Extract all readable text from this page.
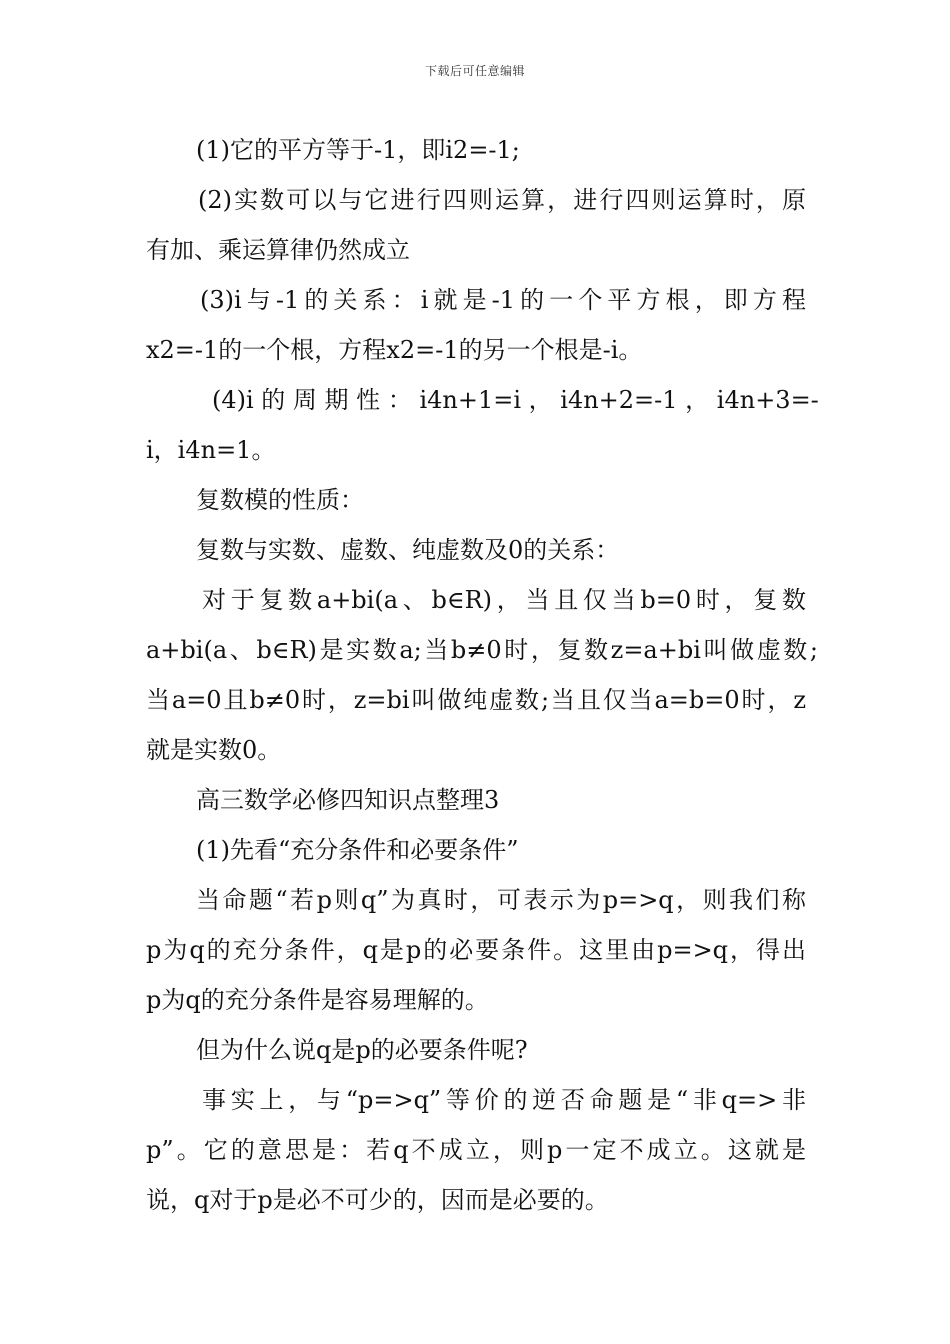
下载后可任意编辑
(1)它的平方等于-1，即i2=-1;
(2)实数可以与它进行四则运算，进行四则运算时，原
有加、乘运算律仍然成立
(3)i与-1的关系：i就是-1的一个平方根，即方程
x2=-1的一个根，方程x2=-1的另一个根是-i。
(4)i 的 周 期 性 ： i4n+1=i ， i4n+2=-1 ， i4n+3=-
i，i4n=1。
复数模的性质：
复数与实数、虚数、纯虚数及0的关系：
对于复数a+bi(a、b∈R)，当且仅当b=0时，复数
a+bi(a、b∈R)是实数a;当b≠0时，复数z=a+bi叫做虚数;
当a=0且b≠0时，z=bi叫做纯虚数;当且仅当a=b=0时，z
就是实数0。
高三数学必修四知识点整理3
(1)先看“充分条件和必要条件”
当命题“若p则q”为真时，可表示为p=>q，则我们称
p为q的充分条件，q是p的必要条件。这里由p=>q，得出
p为q的充分条件是容易理解的。
但为什么说q是p的必要条件呢?
事实上，与“p=>q”等价的逆否命题是“非q=>非
p”。它的意思是：若q不成立，则p一定不成立。这就是
说，q对于p是必不可少的，因而是必要的。
